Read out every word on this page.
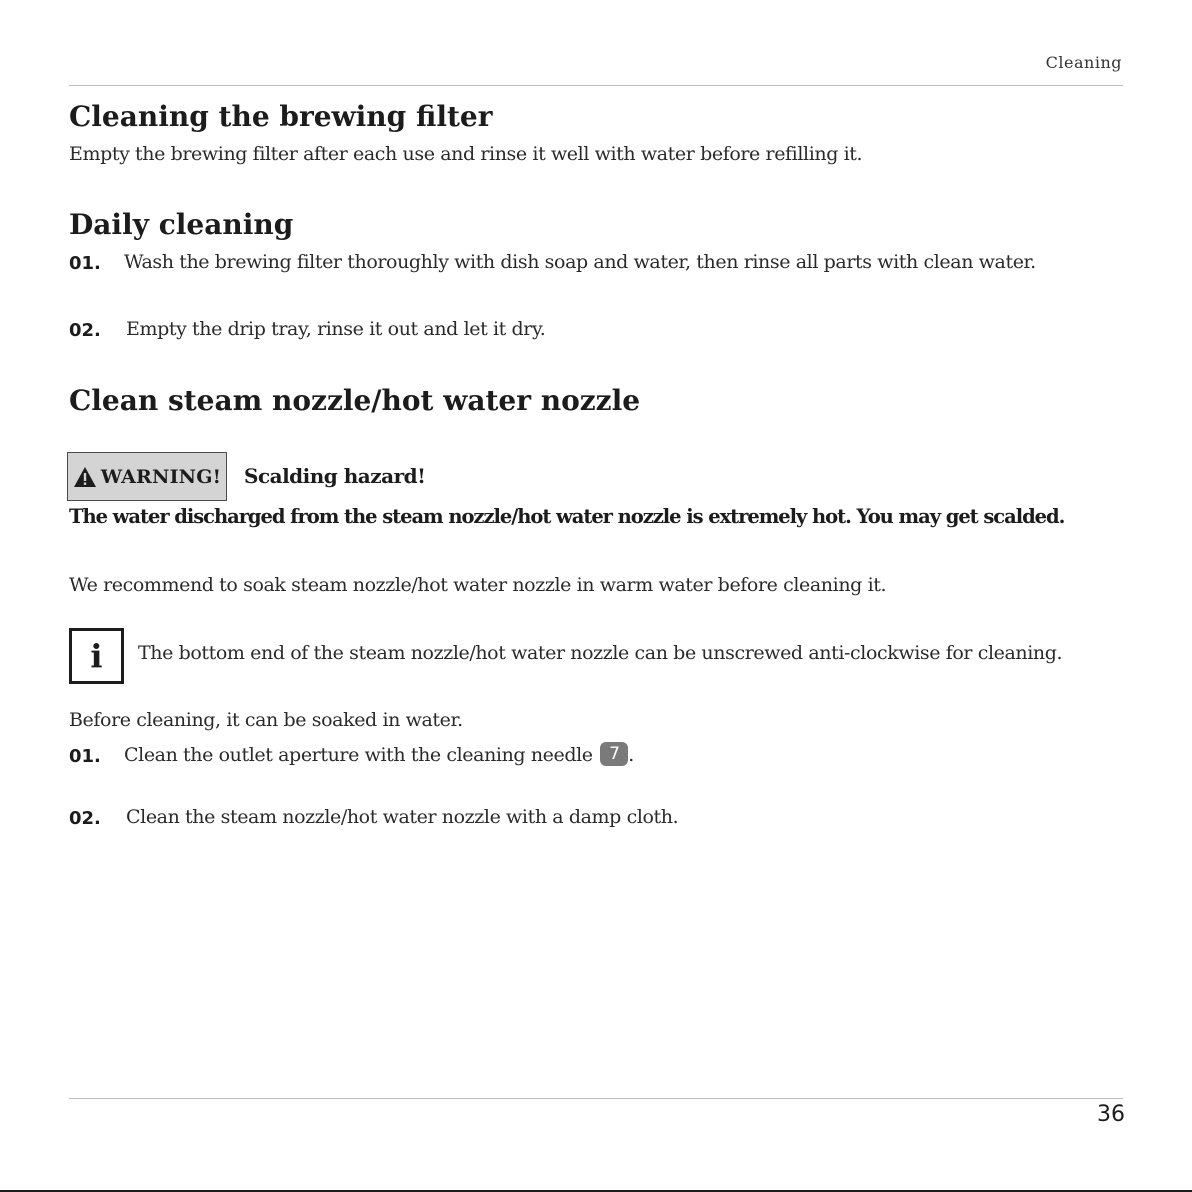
Cleaning
Cleaning the brewing filter
Empty the brewing filter after each use and rinse it well with water before refilling it.
Daily cleaning
01. Wash the brewing filter thoroughly with dish soap and water, then rinse all parts with clean water.
02. Empty the drip tray, rinse it out and let it dry.
Clean steam nozzle/hot water nozzle
WARNING! Scalding hazard!
The water discharged from the steam nozzle/hot water nozzle is extremely hot. You may get scalded.
We recommend to soak steam nozzle/hot water nozzle in warm water before cleaning it.
i The bottom end of the steam nozzle/hot water nozzle can be unscrewed anti-clockwise for cleaning.
Before cleaning, it can be soaked in water.
01. Clean the outlet aperture with the cleaning needle 7 .
02. Clean the steam nozzle/hot water nozzle with a damp cloth.
36
